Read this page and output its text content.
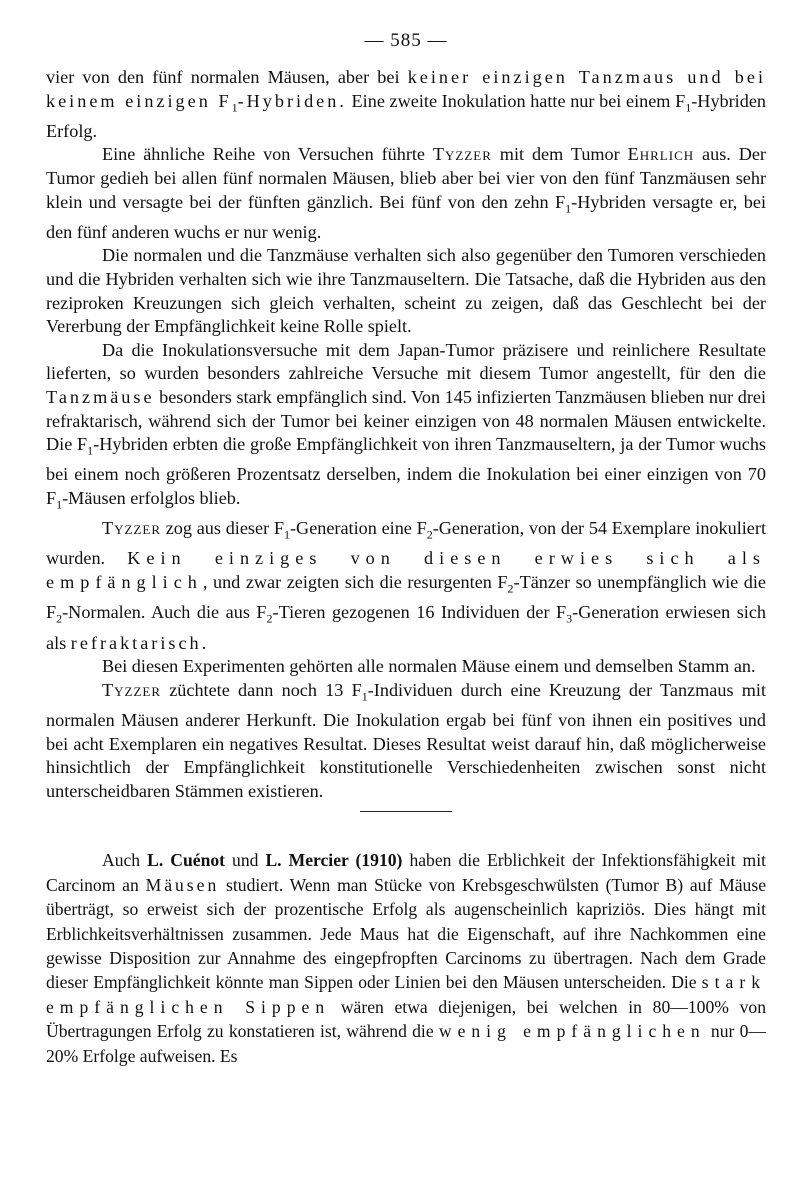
— 585 —

vier von den fünf normalen Mäusen, aber bei keiner einzigen Tanzmaus und bei keinem einzigen $F_1$-Hybriden. Eine zweite Inokulation hatte nur bei einem $F_1$-Hybriden Erfolg.

Eine ähnliche Reihe von Versuchen führte Tyzzer mit dem Tumor Ehrlich aus. Der Tumor gedieh bei allen fünf normalen Mäusen, blieb aber bei vier von den fünf Tanzmäusen sehr klein und versagte bei der fünften gänzlich. Bei fünf von den zehn $F_1$-Hybriden versagte er, bei den fünf anderen wuchs er nur wenig.

Die normalen und die Tanzmäuse verhalten sich also gegenüber den Tumoren verschieden und die Hybriden verhalten sich wie ihre Tanzmauseltern. Die Tatsache, daß die Hybriden aus den reziproken Kreuzungen sich gleich verhalten, scheint zu zeigen, daß das Geschlecht bei der Vererbung der Empfänglichkeit keine Rolle spielt.

Da die Inokulationsversuche mit dem Japan-Tumor präzisere und reinlichere Resultate lieferten, so wurden besonders zahlreiche Versuche mit diesem Tumor angestellt, für den die Tanzmäuse besonders stark empfänglich sind. Von 145 infizierten Tanzmäusen blieben nur drei refraktarisch, während sich der Tumor bei keiner einzigen von 48 normalen Mäusen entwickelte. Die $F_1$-Hybriden erbten die große Empfänglichkeit von ihren Tanzmauseltern, ja der Tumor wuchs bei einem noch größeren Prozentsatz derselben, indem die Inokulation bei einer einzigen von 70 $F_1$-Mäusen erfolglos blieb.

Tyzzer zog aus dieser $F_1$-Generation eine $F_2$-Generation, von der 54 Exemplare inokuliert wurden. Kein einziges von diesen erwies sich als empfänglich, und zwar zeigten sich die resurgenten $F_2$-Tänzer so unempfänglich wie die $F_2$-Normalen. Auch die aus $F_2$-Tieren gezogenen 16 Individuen der $F_3$-Generation erwiesen sich als refraktarisch.

Bei diesen Experimenten gehörten alle normalen Mäuse einem und demselben Stamm an.

Tyzzer züchtete dann noch 13 $F_1$-Individuen durch eine Kreuzung der Tanzmaus mit normalen Mäusen anderer Herkunft. Die Inokulation ergab bei fünf von ihnen ein positives und bei acht Exemplaren ein negatives Resultat. Dieses Resultat weist darauf hin, daß möglicherweise hinsichtlich der Empfänglichkeit konstitutionelle Verschiedenheiten zwischen sonst nicht unterscheidbaren Stämmen existieren.

Auch L. Cuénot und L. Mercier (1910) haben die Erblichkeit der Infektionsfähigkeit mit Carcinom an Mäusen studiert. Wenn man Stücke von Krebsgeschwülsten (Tumor B) auf Mäuse überträgt, so erweist sich der prozentische Erfolg als augenscheinlich kapriziös. Dies hängt mit Erblichkeitsverhältnissen zusammen. Jede Maus hat die Eigenschaft, auf ihre Nachkommen eine gewisse Disposition zur Annahme des eingepfropften Carcinoms zu übertragen. Nach dem Grade dieser Empfänglichkeit könnte man Sippen oder Linien bei den Mäusen unterscheiden. Die stark empfänglichen Sippen wären etwa diejenigen, bei welchen in 80—100% von Übertragungen Erfolg zu konstatieren ist, während die wenig empfänglichen nur 0—20% Erfolge aufweisen. Es
